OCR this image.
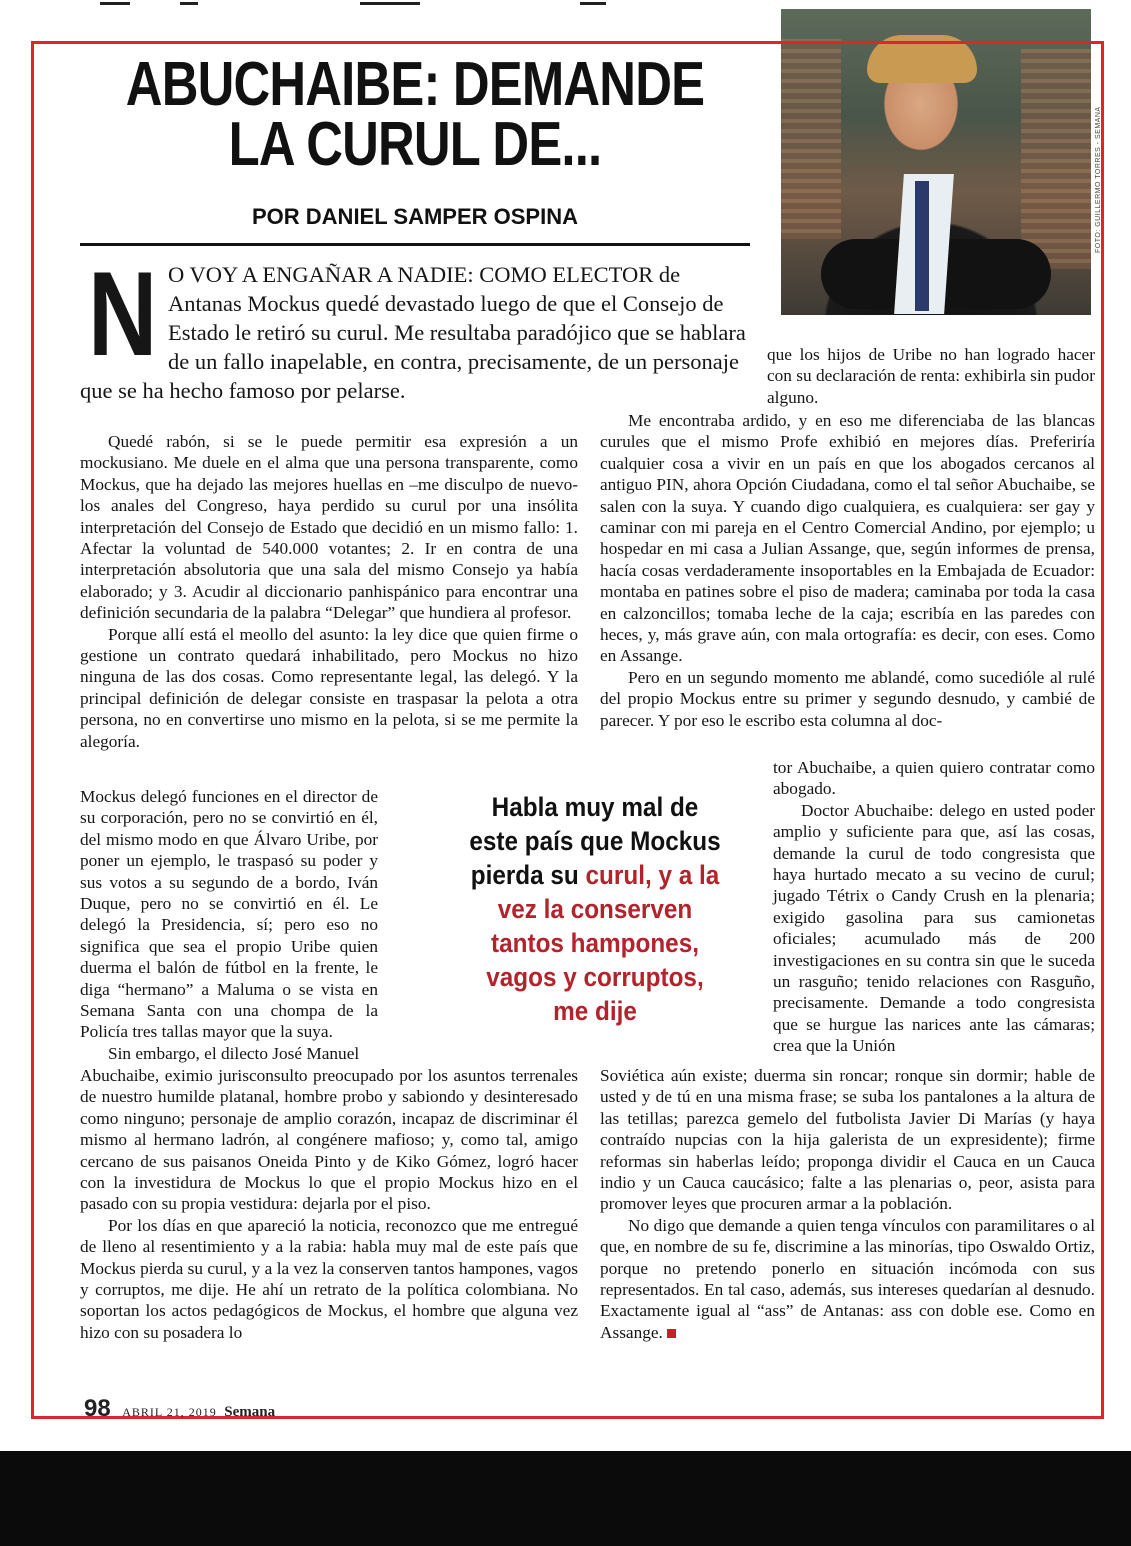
FOTO: GUILLERMO TORRES - SEMANA
ABUCHAIBE: DEMANDE
LA CURUL DE...
POR DANIEL SAMPER OSPINA
N O VOY A ENGAÑAR A NADIE: COMO ELECTOR de Antanas Mockus quedé devastado luego de que el Consejo de Estado le retiró su curul. Me resultaba paradójico que se hablara de un fallo inapelable, en contra, precisamente, de un personaje que se ha hecho famoso por pelarse.

que los hijos de Uribe no han logrado hacer con su declaración de renta: exhibirla sin pudor alguno.

Quedé rabón, si se le puede permitir esa expresión a un mockusiano. Me duele en el alma que una persona transparente, como Mockus, que ha dejado las mejores huellas en –me disculpo de nuevo- los anales del Congreso, haya perdido su curul por una insólita interpretación del Consejo de Estado que decidió en un mismo fallo: 1. Afectar la voluntad de 540.000 votantes; 2. Ir en contra de una interpretación absolutoria que una sala del mismo Consejo ya había elaborado; y 3. Acudir al diccionario panhispánico para encontrar una definición secundaria de la palabra “Delegar” que hundiera al profesor.

Porque allí está el meollo del asunto: la ley dice que quien firme o gestione un contrato quedará inhabilitado, pero Mockus no hizo ninguna de las dos cosas. Como representante legal, las delegó. Y la principal definición de delegar consiste en traspasar la pelota a otra persona, no en convertirse uno mismo en la pelota, si se me permite la alegoría.

Mockus delegó funciones en el director de su corporación, pero no se convirtió en él, del mismo modo en que Álvaro Uribe, por poner un ejemplo, le traspasó su poder y sus votos a su segundo de a bordo, Iván Duque, pero no se convirtió en él. Le delegó la Presidencia, sí; pero eso no significa que sea el propio Uribe quien duerma el balón de fútbol en la frente, le diga “hermano” a Maluma o se vista en Semana Santa con una chompa de la Policía tres tallas mayor que la suya.

Sin embargo, el dilecto José Manuel

Abuchaibe, eximio jurisconsulto preocupado por los asuntos terrenales de nuestro humilde platanal, hombre probo y sabiondo y desinteresado como ninguno; personaje de amplio corazón, incapaz de discriminar él mismo al hermano ladrón, al congénere mafioso; y, como tal, amigo cercano de sus paisanos Oneida Pinto y de Kiko Gómez, logró hacer con la investidura de Mockus lo que el propio Mockus hizo en el pasado con su propia vestidura: dejarla por el piso.

Por los días en que apareció la noticia, reconozco que me entregué de lleno al resentimiento y a la rabia: habla muy mal de este país que Mockus pierda su curul, y a la vez la conserven tantos hampones, vagos y corruptos, me dije. He ahí un retrato de la política colombiana. No soportan los actos pedagógicos de Mockus, el hombre que alguna vez hizo con su posadera lo

Me encontraba ardido, y en eso me diferenciaba de las blancas curules que el mismo Profe exhibió en mejores días. Preferiría cualquier cosa a vivir en un país en que los abogados cercanos al antiguo PIN, ahora Opción Ciudadana, como el tal señor Abuchaibe, se salen con la suya. Y cuando digo cualquiera, es cualquiera: ser gay y caminar con mi pareja en el Centro Comercial Andino, por ejemplo; u hospedar en mi casa a Julian Assange, que, según informes de prensa, hacía cosas verdaderamente insoportables en la Embajada de Ecuador: montaba en patines sobre el piso de madera; caminaba por toda la casa en calzoncillos; tomaba leche de la caja; escribía en las paredes con heces, y, más grave aún, con mala ortografía: es decir, con eses. Como en Assange.

Pero en un segundo momento me ablandé, como sucedióle al rulé del propio Mockus entre su primer y segundo desnudo, y cambié de parecer. Y por eso le escribo esta columna al doc-

tor Abuchaibe, a quien quiero contratar como abogado.

Doctor Abuchaibe: delego en usted poder amplio y suficiente para que, así las cosas, demande la curul de todo congresista que haya hurtado mecato a su vecino de curul; jugado Tétrix o Candy Crush en la plenaria; exigido gasolina para sus camionetas oficiales; acumulado más de 200 investigaciones en su contra sin que le suceda un rasguño; tenido relaciones con Rasguño, precisamente. Demande a todo congresista que se hurgue las narices ante las cámaras; crea que la Unión

Soviética aún existe; duerma sin roncar; ronque sin dormir; hable de usted y de tú en una misma frase; se suba los pantalones a la altura de las tetillas; parezca gemelo del futbolista Javier Di Marías (y haya contraído nupcias con la hija galerista de un expresidente); firme reformas sin haberlas leído; proponga dividir el Cauca en un Cauca indio y un Cauca caucásico; falte a las plenarias o, peor, asista para promover leyes que procuren armar a la población.

No digo que demande a quien tenga vínculos con paramilitares o al que, en nombre de su fe, discrimine a las minorías, tipo Oswaldo Ortiz, porque no pretendo ponerlo en situación incómoda con sus representados. En tal caso, además, sus intereses quedarían al desnudo. Exactamente igual al “ass” de Antanas: ass con doble ese. Como en Assange.

Habla muy mal de este país que Mockus pierda su curul, y a la vez la conserven tantos hampones, vagos y corruptos, me dije
98 ABRIL 21, 2019 Semana
